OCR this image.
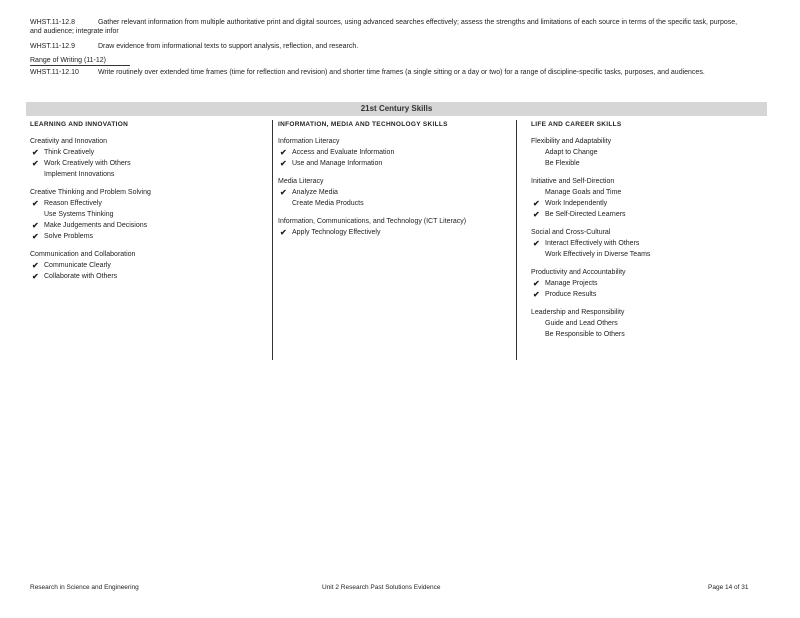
WHST.11-12.8	Gather relevant information from multiple authoritative print and digital sources, using advanced searches effectively; assess the strengths and limitations of each source in terms of the specific task, purpose, and audience; integrate infor
WHST.11-12.9	Draw evidence from informational texts to support analysis, reflection, and research.
Range of Writing (11-12)
WHST.11-12.10	Write routinely over extended time frames (time for reflection and revision) and shorter time frames (a single sitting or a day or two) for a range of discipline-specific tasks, purposes, and audiences.
21st Century Skills
LEARNING AND INNOVATION
Creativity and Innovation
✔ Think Creatively
✔ Work Creatively with Others
Implement Innovations
Creative Thinking and Problem Solving
✔ Reason Effectively
Use Systems Thinking
✔ Make Judgements and Decisions
✔ Solve Problems
Communication and Collaboration
✔ Communicate Clearly
✔ Collaborate with Others
INFORMATION, MEDIA AND TECHNOLOGY SKILLS
Information Literacy
✔ Access and Evaluate Information
✔ Use and Manage Information
Media Literacy
✔ Analyze Media
Create Media Products
Information, Communications, and Technology (ICT Literacy)
✔ Apply Technology Effectively
LIFE AND CAREER SKILLS
Flexibility and Adaptability
Adapt to Change
Be Flexible
Initiative and Self-Direction
Manage Goals and Time
✔ Work Independently
✔ Be Self-Directed Learners
Social and Cross-Cultural
✔ Interact Effectively with Others
Work Effectively in Diverse Teams
Productivity and Accountability
✔ Manage Projects
✔ Produce Results
Leadership and Responsibility
Guide and Lead Others
Be Responsible to Others
Research in Science and Engineering	Unit 2 Research Past Solutions Evidence	Page 14 of 31
